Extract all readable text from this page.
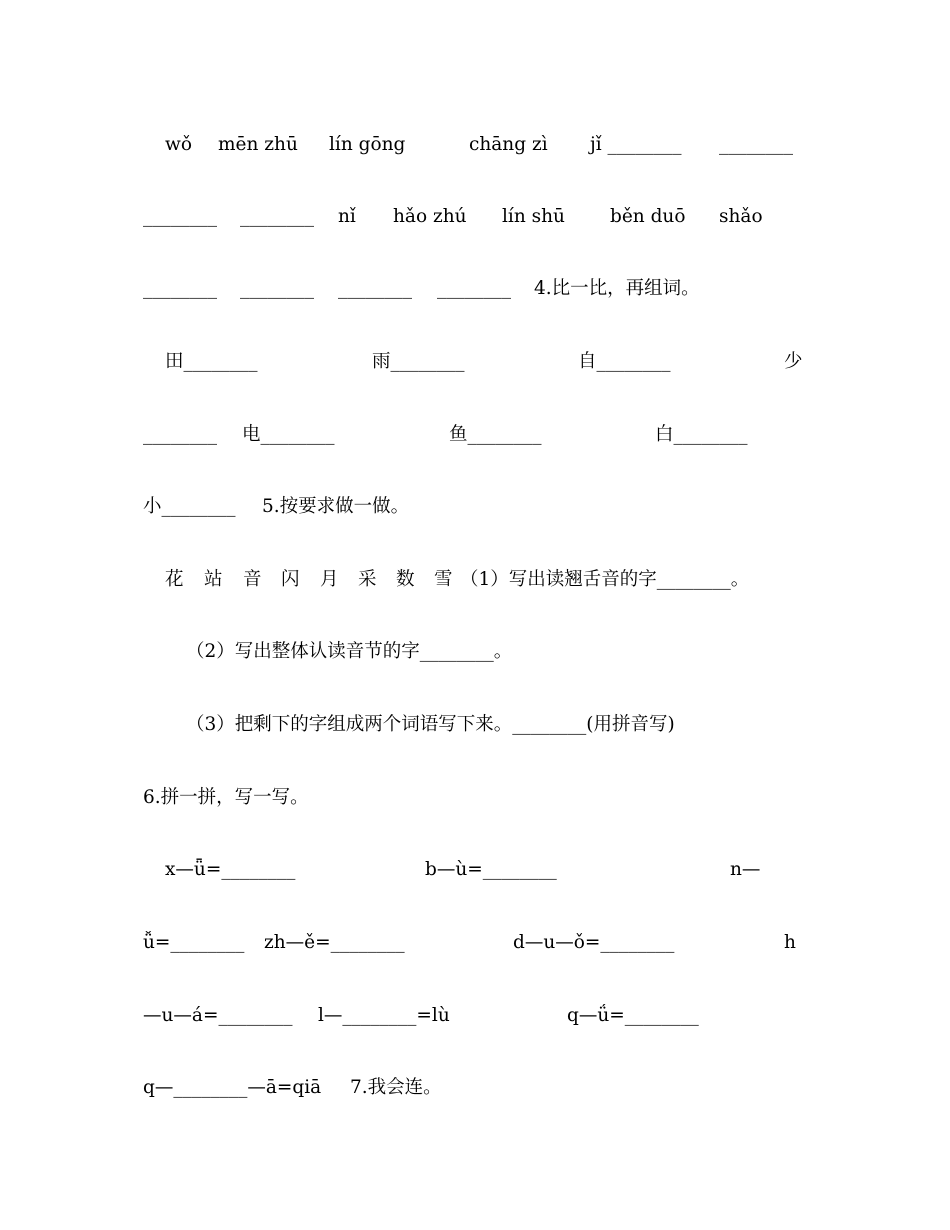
wǒ mēn zhū lín gōng	chāng zì jǐ ________ ________
________ ________ nǐ hǎo zhú lín shū běn duō shǎo
________ ________ ________ ________ 4.比一比，再组词。
田________	雨________	自________	少
________ 电________	鱼________	白________
小________ 5.按要求做一做。
花 站 音 闪 月 采 数 雪 （1）写出读翘舌音的字________。
（2）写出整体认读音节的字________。
（3）把剩下的字组成两个词语写下来。________(用拼音写)
6.拼一拼，写一写。
x—ǖ=________	b—ù=________	n—
ǚ=________ zh—ě=________	d—u—ǒ=________	h
—u—á=________ l—________=lù	q—ǘ=________
q—________—ā=qiā 7.我会连。
